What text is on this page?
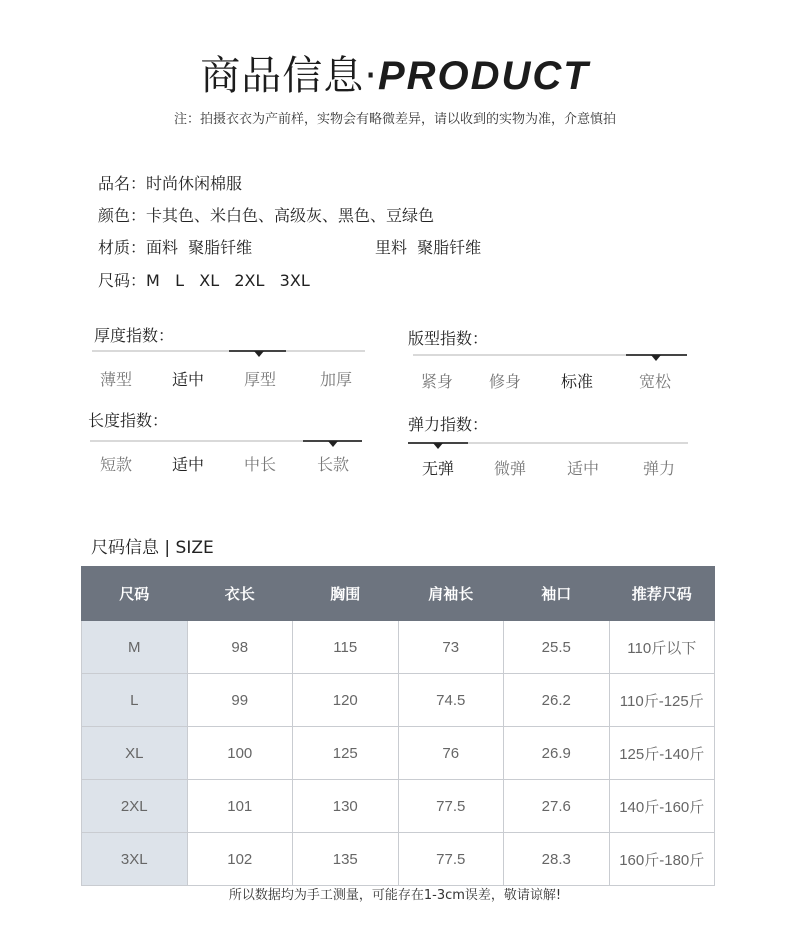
商品信息·PRODUCT
注：拍摄衣衣为产前样，实物会有略微差异，请以收到的实物为准，介意慎拍
品名：时尚休闲棉服
颜色：卡其色、米白色、高级灰、黑色、豆绿色
材质：面料  聚脂钎维	里料  聚脂钎维
尺码：M   L   XL   2XL   3XL
厚度指数：
薄型	适中	厚型	加厚
版型指数：
紧身	修身	标准	宽松
长度指数：
短款	适中	中长	长款
弹力指数：
无弹	微弹	适中	弹力
尺码信息 | SIZE
尺码	衣长	胸围	肩袖长	袖口	推荐尺码
M	98	115	73	25.5	110斤以下
L	99	120	74.5	26.2	110斤-125斤
XL	100	125	76	26.9	125斤-140斤
2XL	101	130	77.5	27.6	140斤-160斤
3XL	102	135	77.5	28.3	160斤-180斤
所以数据均为手工测量，可能存在1-3cm误差，敬请谅解!
